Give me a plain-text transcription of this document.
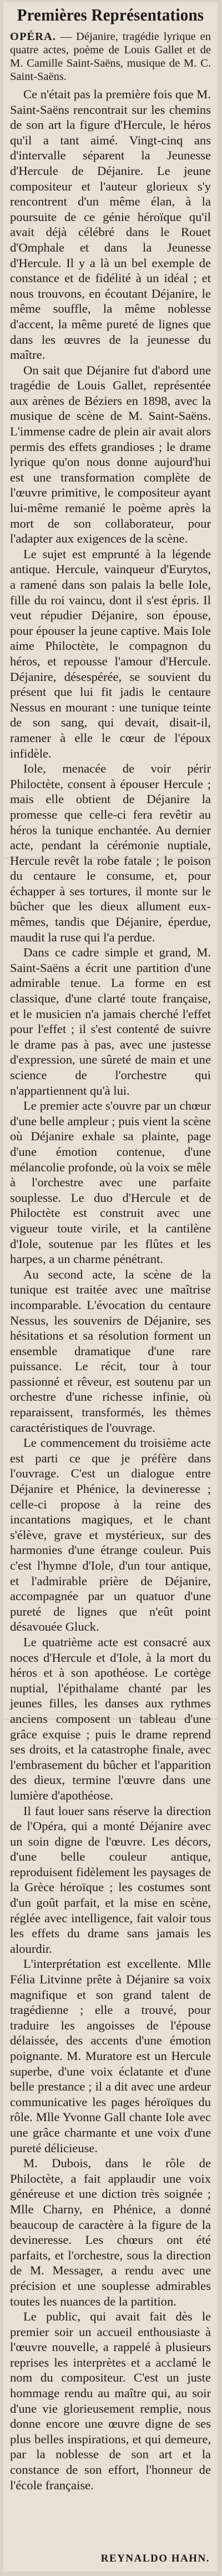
Premières Représentations
OPÉRA. — Déjanire, tragédie lyrique en quatre actes, poème de Louis Gallet et de M. Camille Saint-Saëns, musique de M. C. Saint-Saëns.

Ce n'était pas la première fois que M. Saint-Saëns rencontrait sur les chemins de son art la figure d'Hercule, le héros qu'il a tant aimé. Vingt-cinq ans d'intervalle séparent la Jeunesse d'Hercule de Déjanire. Le jeune compositeur et l'auteur glorieux s'y rencontrent d'un même élan, à la poursuite de ce génie héroïque qu'il avait déjà célébré dans le Rouet d'Omphale et dans la Jeunesse d'Hercule. Il y a là un bel exemple de constance et de fidélité à un idéal ; et nous trouvons, en écoutant Déjanire, le même souffle, la même noblesse d'accent, la même pureté de lignes que dans les œuvres de la jeunesse du maître.

On sait que Déjanire fut d'abord une tragédie de Louis Gallet, représentée aux arènes de Béziers en 1898, avec la musique de scène de M. Saint-Saëns. L'immense cadre de plein air avait alors permis des effets grandioses ; le drame lyrique qu'on nous donne aujourd'hui est une transformation complète de l'œuvre primitive, le compositeur ayant lui-même remanié le poème après la mort de son collaborateur, pour l'adapter aux exigences de la scène.

Le sujet est emprunté à la légende antique. Hercule, vainqueur d'Eurytos, a ramené dans son palais la belle Iole, fille du roi vaincu, dont il s'est épris. Il veut répudier Déjanire, son épouse, pour épouser la jeune captive. Mais Iole aime Philoctète, le compagnon du héros, et repousse l'amour d'Hercule. Déjanire, désespérée, se souvient du présent que lui fit jadis le centaure Nessus en mourant : une tunique teinte de son sang, qui devait, disait-il, ramener à elle le cœur de l'époux infidèle.

Iole, menacée de voir périr Philoctète, consent à épouser Hercule ; mais elle obtient de Déjanire la promesse que celle-ci fera revêtir au héros la tunique enchantée. Au dernier acte, pendant la cérémonie nuptiale, Hercule revêt la robe fatale ; le poison du centaure le consume, et, pour échapper à ses tortures, il monte sur le bûcher que les dieux allument eux-mêmes, tandis que Déjanire, éperdue, maudit la ruse qui l'a perdue.

Dans ce cadre simple et grand, M. Saint-Saëns a écrit une partition d'une admirable tenue. La forme en est classique, d'une clarté toute française, et le musicien n'a jamais cherché l'effet pour l'effet ; il s'est contenté de suivre le drame pas à pas, avec une justesse d'expression, une sûreté de main et une science de l'orchestre qui n'appartiennent qu'à lui.

Le premier acte s'ouvre par un chœur d'une belle ampleur ; puis vient la scène où Déjanire exhale sa plainte, page d'une émotion contenue, d'une mélancolie profonde, où la voix se mêle à l'orchestre avec une parfaite souplesse. Le duo d'Hercule et de Philoctète est construit avec une vigueur toute virile, et la cantilène d'Iole, soutenue par les flûtes et les harpes, a un charme pénétrant.

Au second acte, la scène de la tunique est traitée avec une maîtrise incomparable. L'évocation du centaure Nessus, les souvenirs de Déjanire, ses hésitations et sa résolution forment un ensemble dramatique d'une rare puissance. Le récit, tour à tour passionné et rêveur, est soutenu par un orchestre d'une richesse infinie, où reparaissent, transformés, les thèmes caractéristiques de l'ouvrage.

Le commencement du troisième acte est parti ce que je préfère dans l'ouvrage. C'est un dialogue entre Déjanire et Phénice, la devineresse ; celle-ci propose à la reine des incantations magiques, et le chant s'élève, grave et mystérieux, sur des harmonies d'une étrange couleur. Puis c'est l'hymne d'Iole, d'un tour antique, et l'admirable prière de Déjanire, accompagnée par un quatuor d'une pureté de lignes que n'eût point désavouée Gluck.

Le quatrième acte est consacré aux noces d'Hercule et d'Iole, à la mort du héros et à son apothéose. Le cortège nuptial, l'épithalame chanté par les jeunes filles, les danses aux rythmes anciens composent un tableau d'une grâce exquise ; puis le drame reprend ses droits, et la catastrophe finale, avec l'embrasement du bûcher et l'apparition des dieux, termine l'œuvre dans une lumière d'apothéose.

Il faut louer sans réserve la direction de l'Opéra, qui a monté Déjanire avec un soin digne de l'œuvre. Les décors, d'une belle couleur antique, reproduisent fidèlement les paysages de la Grèce héroïque ; les costumes sont d'un goût parfait, et la mise en scène, réglée avec intelligence, fait valoir tous les effets du drame sans jamais les alourdir.

L'interprétation est excellente. Mlle Félia Litvinne prête à Déjanire sa voix magnifique et son grand talent de tragédienne ; elle a trouvé, pour traduire les angoisses de l'épouse délaissée, des accents d'une émotion poignante. M. Muratore est un Hercule superbe, d'une voix éclatante et d'une belle prestance ; il a dit avec une ardeur communicative les pages héroïques du rôle. Mlle Yvonne Gall chante Iole avec une grâce charmante et une voix d'une pureté délicieuse.

M. Dubois, dans le rôle de Philoctète, a fait applaudir une voix généreuse et une diction très soignée ; Mlle Charny, en Phénice, a donné beaucoup de caractère à la figure de la devineresse. Les chœurs ont été parfaits, et l'orchestre, sous la direction de M. Messager, a rendu avec une précision et une souplesse admirables toutes les nuances de la partition.

Le public, qui avait fait dès le premier soir un accueil enthousiaste à l'œuvre nouvelle, a rappelé à plusieurs reprises les interprètes et a acclamé le nom du compositeur. C'est un juste hommage rendu au maître qui, au soir d'une vie glorieusement remplie, nous donne encore une œuvre digne de ses plus belles inspirations, et qui demeure, par la noblesse de son art et la constance de son effort, l'honneur de l'école française.

REYNALDO HAHN.
